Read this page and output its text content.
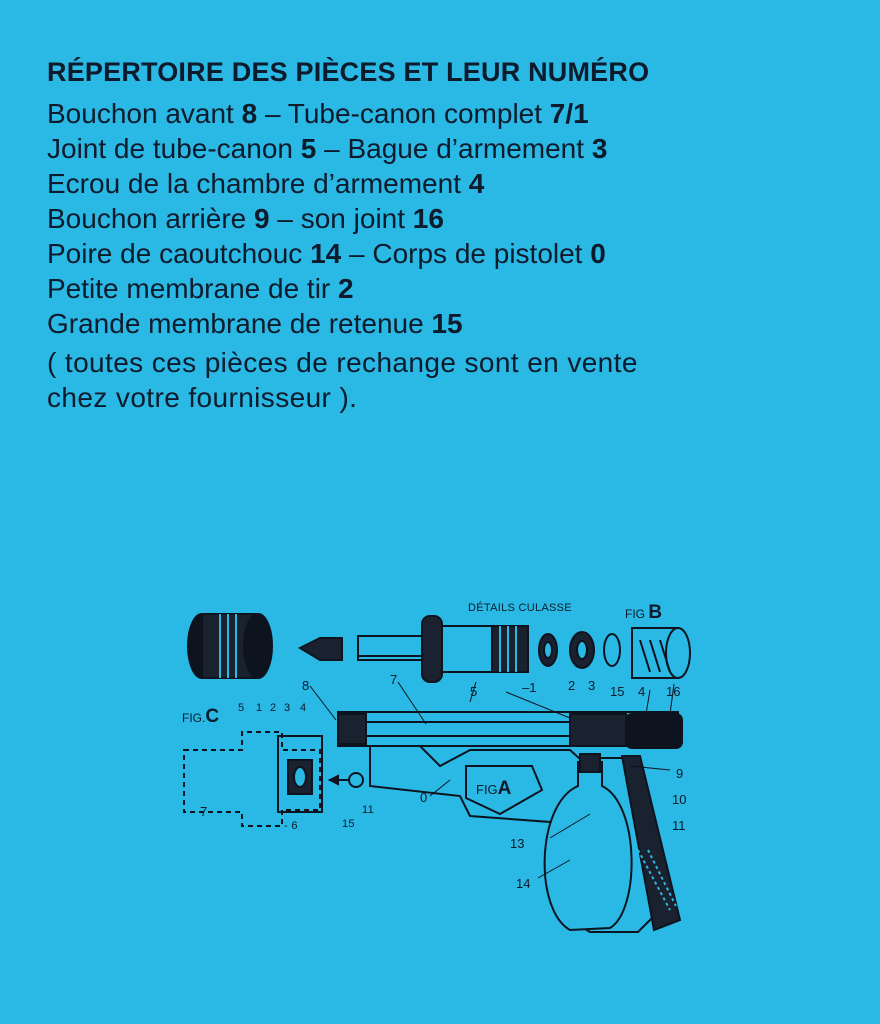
RÉPERTOIRE DES PIÈCES ET LEUR NUMÉRO
Bouchon avant 8 – Tube-canon complet 7/1
Joint de tube-canon 5 – Bague d’armement 3
Ecrou de la chambre d’armement 4
Bouchon arrière 9 – son joint 16
Poire de caoutchouc 14 – Corps de pistolet 0
Petite membrane de tir 2
Grande membrane de retenue 15
( toutes ces pièces de rechange sont en vente
chez votre fournisseur ).
DÉTAILS CULASSE	FIG B
8	7
5	–1 2 3 15 4 16
FIG.C 5 1 2 3 4
7
- 6	15
11
0
FIGA
9
10
11
13
14
